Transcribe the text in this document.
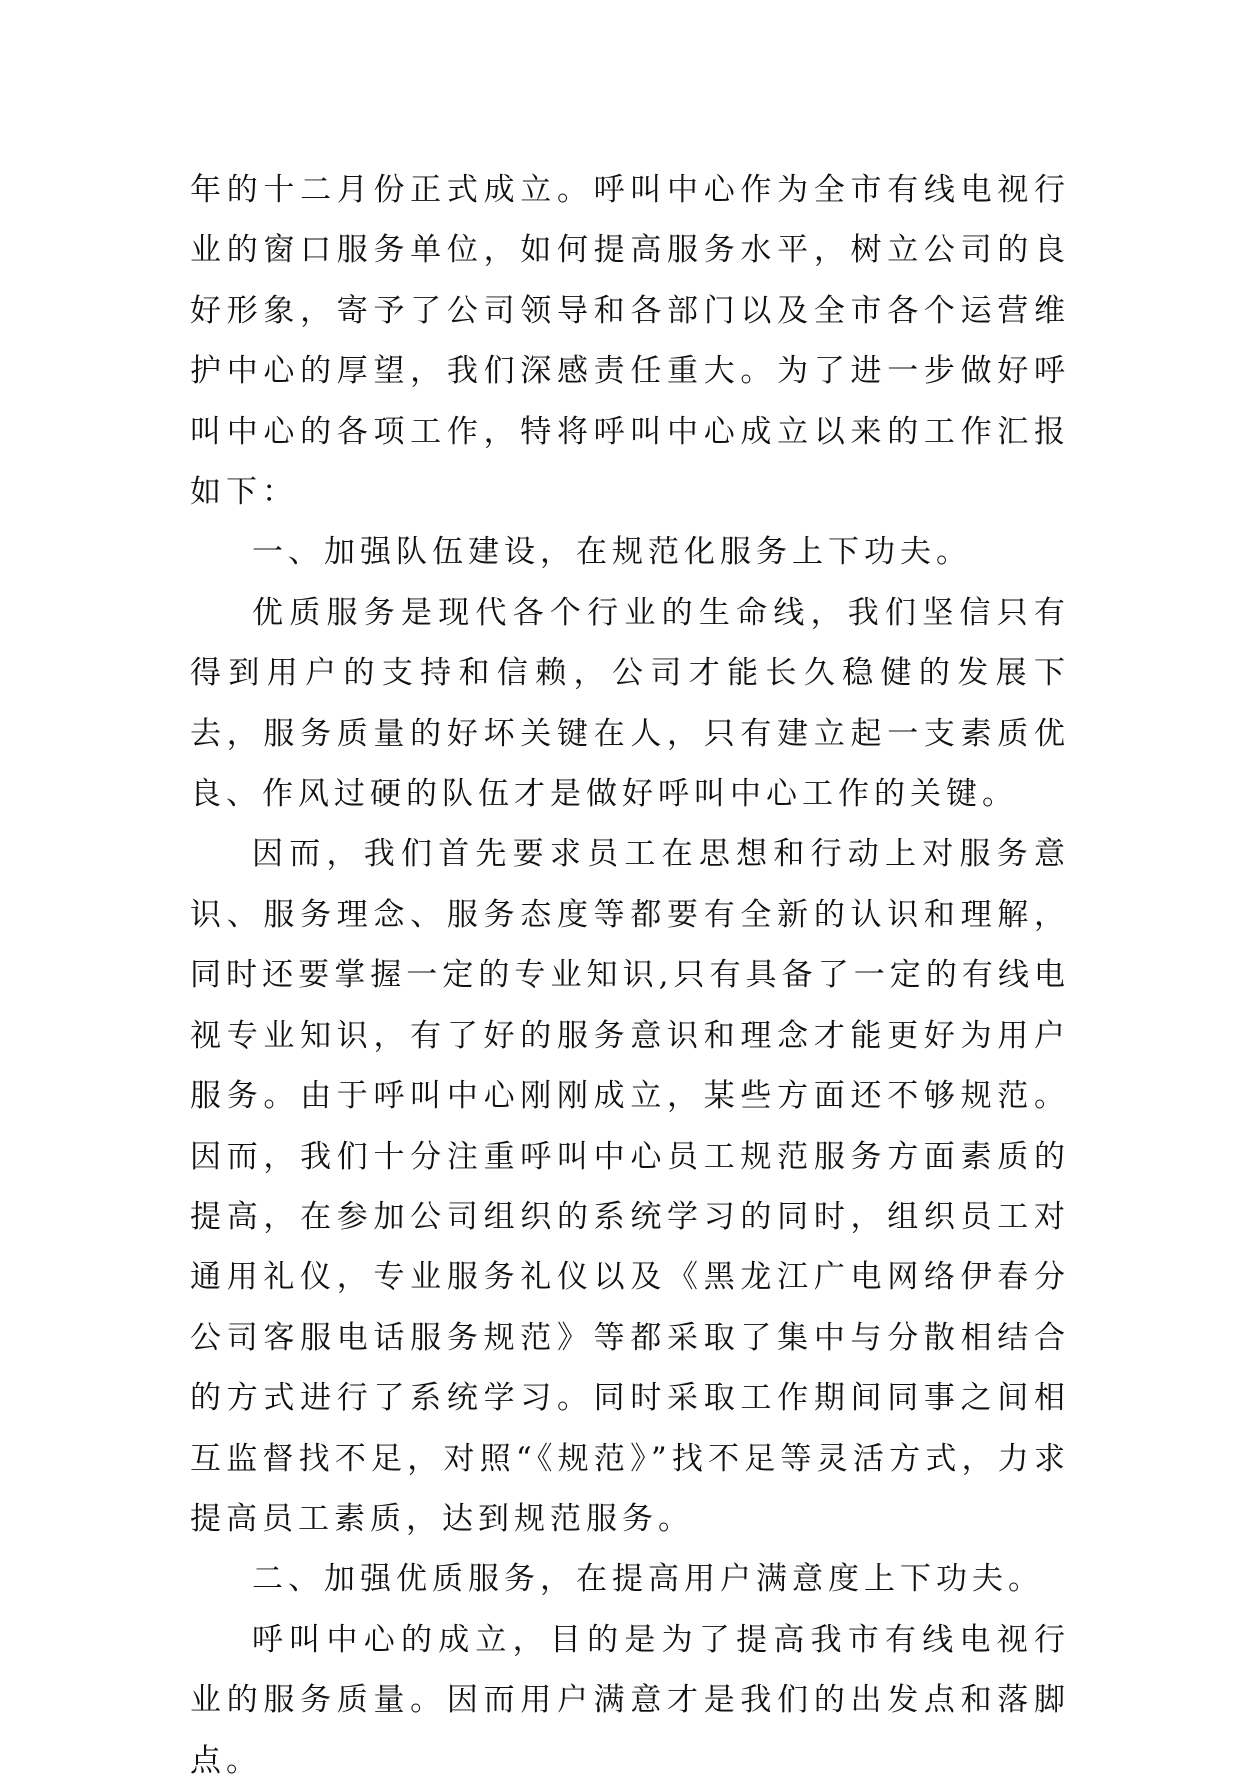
年的十二月份正式成立。呼叫中心作为全市有线电视行业的窗口服务单位，如何提高服务水平，树立公司的良好形象，寄予了公司领导和各部门以及全市各个运营维护中心的厚望，我们深感责任重大。为了进一步做好呼叫中心的各项工作，特将呼叫中心成立以来的工作汇报如下：

一、加强队伍建设，在规范化服务上下功夫。

优质服务是现代各个行业的生命线，我们坚信只有得到用户的支持和信赖，公司才能长久稳健的发展下去，服务质量的好坏关键在人，只有建立起一支素质优良、作风过硬的队伍才是做好呼叫中心工作的关键。

因而，我们首先要求员工在思想和行动上对服务意识、服务理念、服务态度等都要有全新的认识和理解，同时还要掌握一定的专业知识,只有具备了一定的有线电视专业知识，有了好的服务意识和理念才能更好为用户服务。由于呼叫中心刚刚成立，某些方面还不够规范。因而，我们十分注重呼叫中心员工规范服务方面素质的提高，在参加公司组织的系统学习的同时，组织员工对通用礼仪，专业服务礼仪以及《黑龙江广电网络伊春分公司客服电话服务规范》等都采取了集中与分散相结合的方式进行了系统学习。同时采取工作期间同事之间相互监督找不足，对照“《规范》”找不足等灵活方式，力求提高员工素质，达到规范服务。

二、加强优质服务，在提高用户满意度上下功夫。

呼叫中心的成立，目的是为了提高我市有线电视行业的服务质量。因而用户满意才是我们的出发点和落脚点。
